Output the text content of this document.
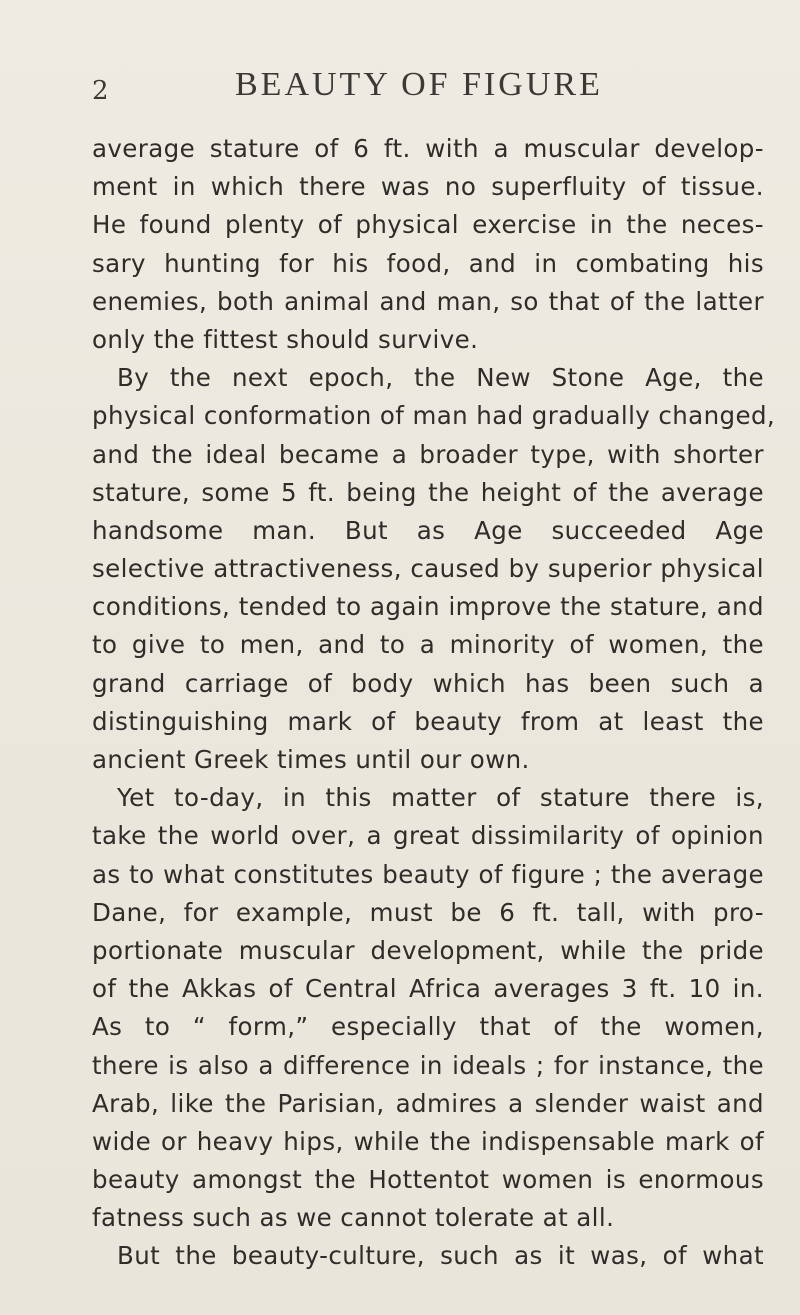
2	BEAUTY OF FIGURE
average stature of 6 ft. with a muscular develop-
ment in which there was no superfluity of tissue.
He found plenty of physical exercise in the neces-
sary hunting for his food, and in combating his
enemies, both animal and man, so that of the latter
only the fittest should survive.
By the next epoch, the New Stone Age, the
physical conformation of man had gradually changed,
and the ideal became a broader type, with shorter
stature, some 5 ft. being the height of the average
handsome man. But as Age succeeded Age
selective attractiveness, caused by superior physical
conditions, tended to again improve the stature, and
to give to men, and to a minority of women, the
grand carriage of body which has been such a
distinguishing mark of beauty from at least the
ancient Greek times until our own.
Yet to-day, in this matter of stature there is,
take the world over, a great dissimilarity of opinion
as to what constitutes beauty of figure ; the average
Dane, for example, must be 6 ft. tall, with pro-
portionate muscular development, while the pride
of the Akkas of Central Africa averages 3 ft. 10 in.
As to “ form,” especially that of the women,
there is also a difference in ideals ; for instance, the
Arab, like the Parisian, admires a slender waist and
wide or heavy hips, while the indispensable mark of
beauty amongst the Hottentot women is enormous
fatness such as we cannot tolerate at all.
But the beauty-culture, such as it was, of what
